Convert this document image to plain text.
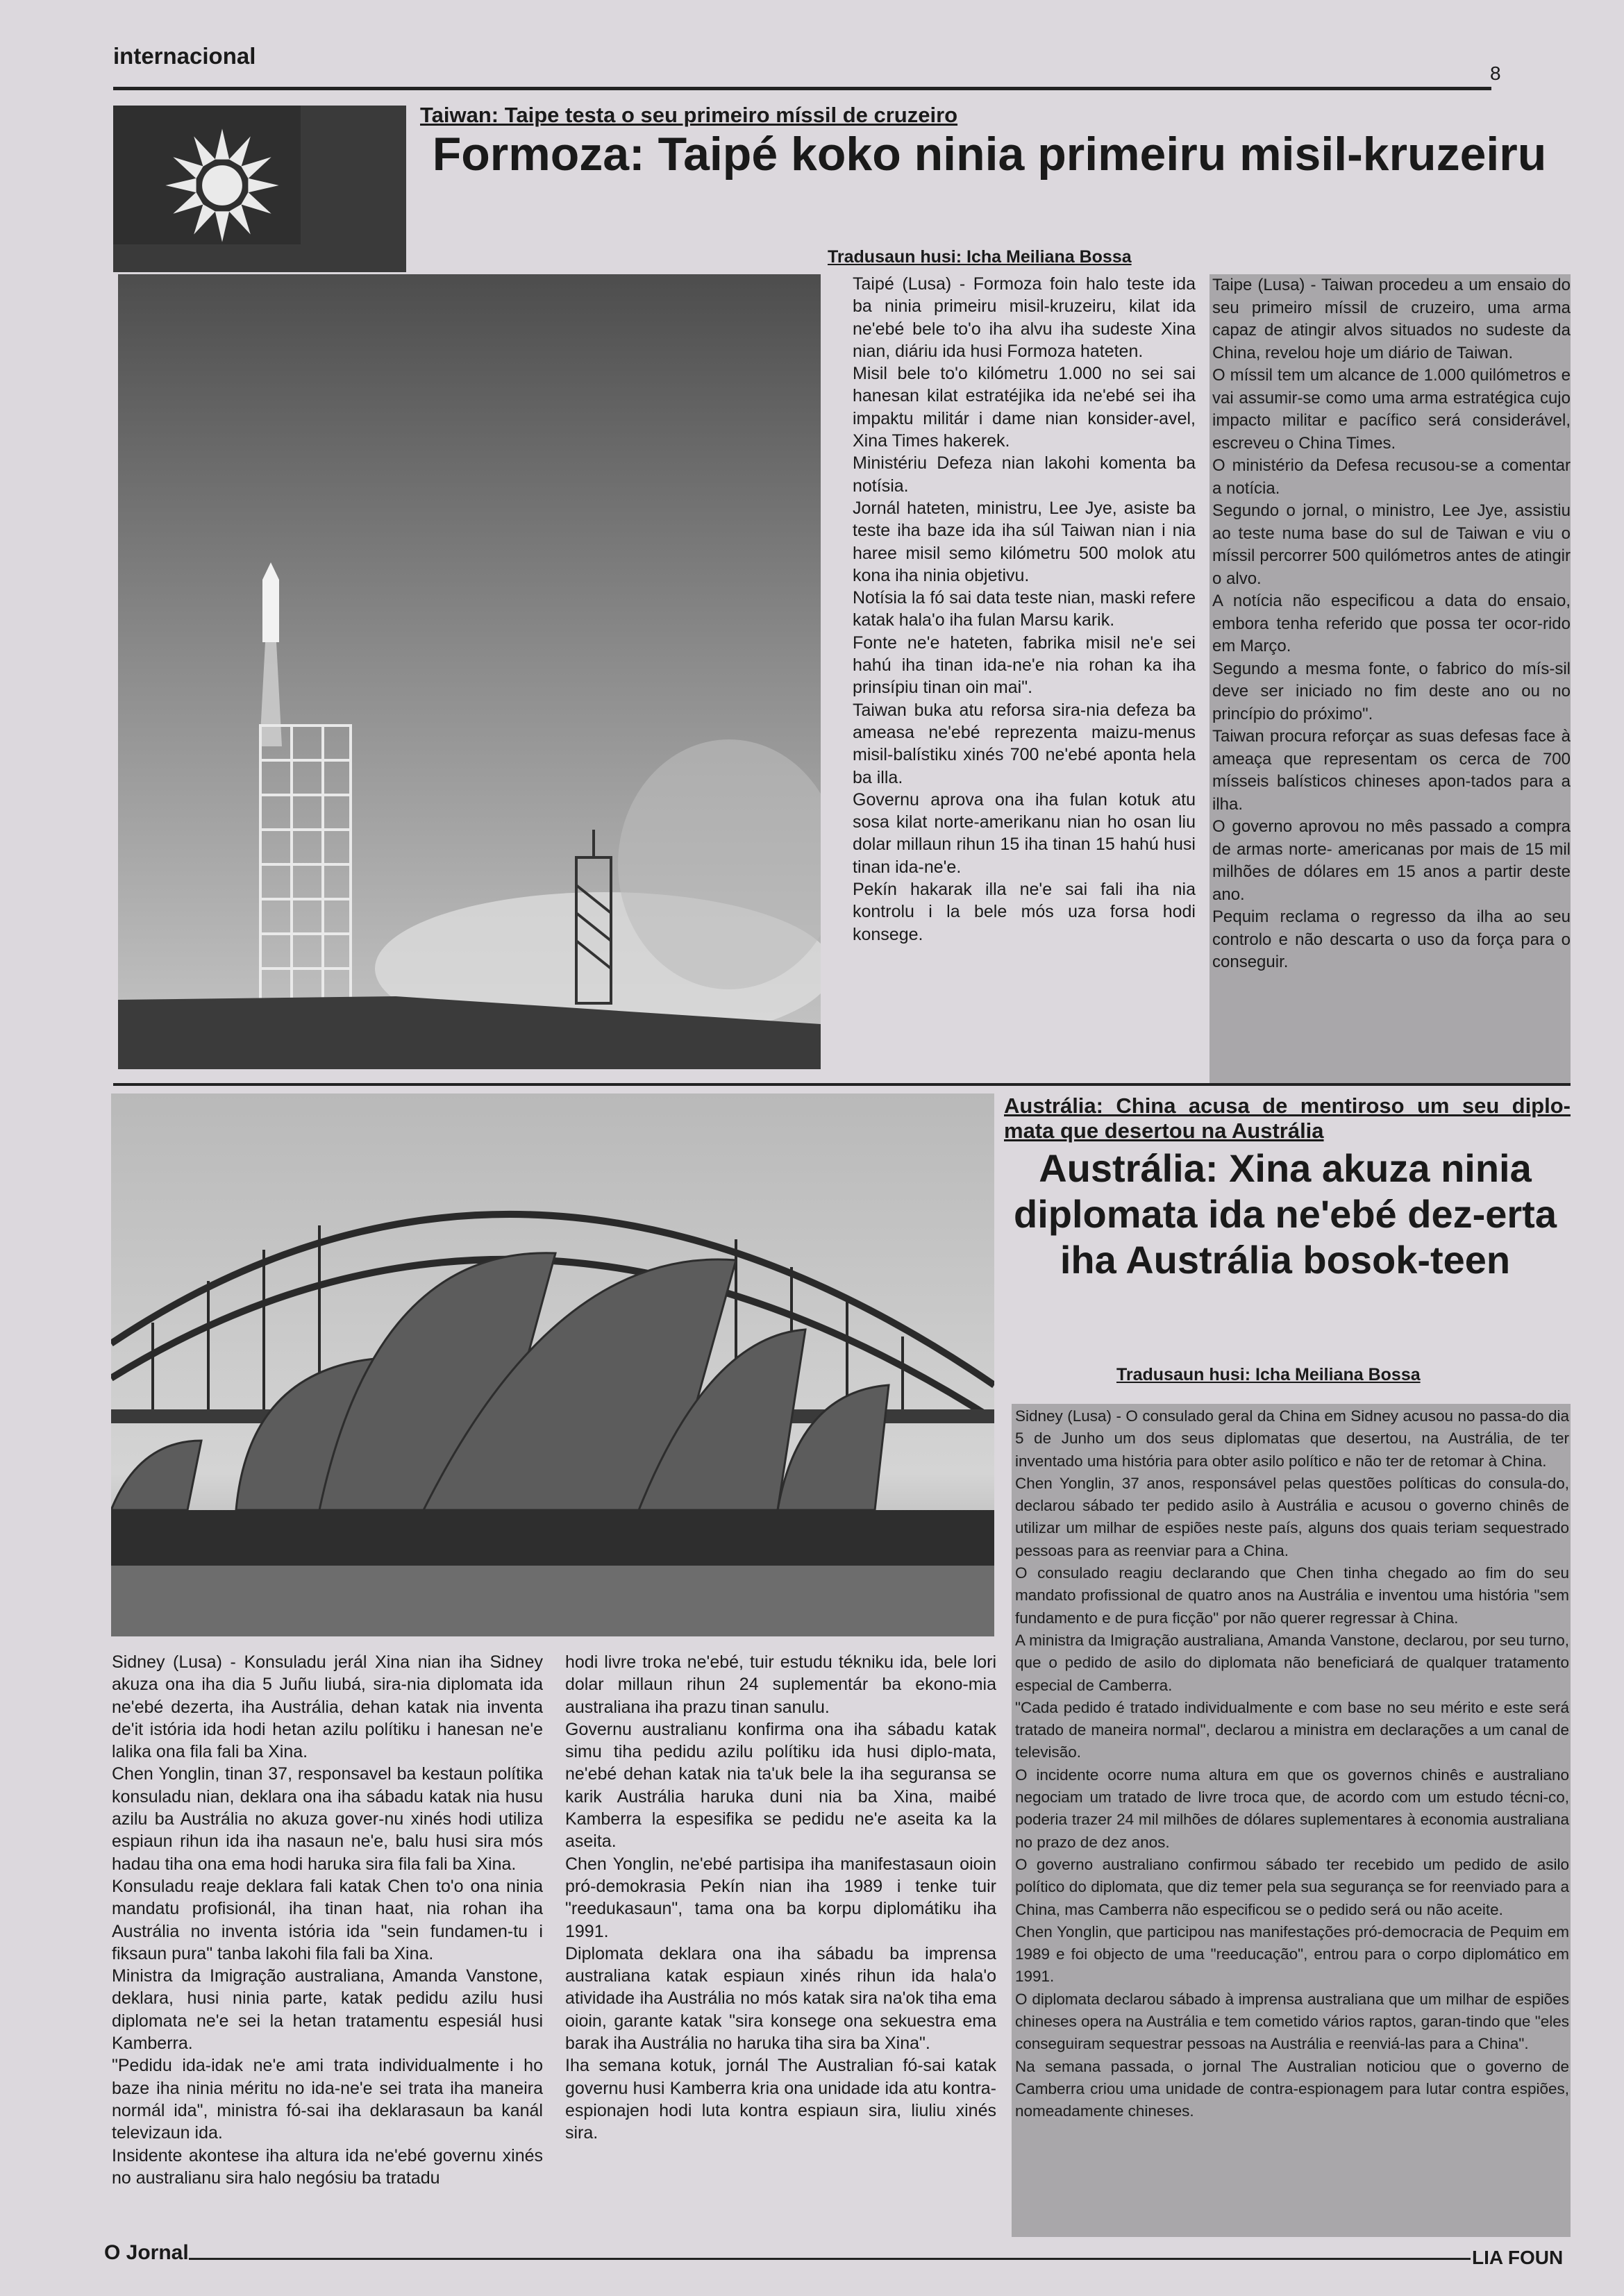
internacional
8
Taiwan: Taipe testa o seu primeiro míssil de cruzeiro
Formoza: Taipé koko ninia primeiru misil-kruzeiru
Tradusaun husi: Icha Meiliana Bossa
Taipé (Lusa) - Formoza foin halo teste ida ba ninia primeiru misil-kruzeiru, kilat ida ne'ebé bele to'o iha alvu iha sudeste Xina nian, diáriu ida husi Formoza hateten.
Misil bele to'o kilómetru 1.000 no sei sai hanesan kilat estratéjika ida ne'ebé sei iha impaktu militár i dame nian konsider-avel, Xina Times hakerek.
Ministériu Defeza nian lakohi komenta ba notísia.
Jornál hateten, ministru, Lee Jye, asiste ba teste iha baze ida iha súl Taiwan nian i nia haree misil semo kilómetru 500 molok atu kona iha ninia objetivu.
Notísia la fó sai data teste nian, maski refere katak hala'o iha fulan Marsu karik.
Fonte ne'e hateten, fabrika misil ne'e sei hahú iha tinan ida-ne'e nia rohan ka iha prinsípiu tinan oin mai".
Taiwan buka atu reforsa sira-nia defeza ba ameasa ne'ebé reprezenta maizu-menus misil-balístiku xinés 700 ne'ebé aponta hela ba illa.
Governu aprova ona iha fulan kotuk atu sosa kilat norte-amerikanu nian ho osan liu dolar millaun rihun 15 iha tinan 15 hahú husi tinan ida-ne'e.
Pekín hakarak illa ne'e sai fali iha nia kontrolu i la bele mós uza forsa hodi konsege.
Taipe (Lusa) - Taiwan procedeu a um ensaio do seu primeiro míssil de cruzeiro, uma arma capaz de atingir alvos situados no sudeste da China, revelou hoje um diário de Taiwan.
O míssil tem um alcance de 1.000 quilómetros e vai assumir-se como uma arma estratégica cujo impacto militar e pacífico será considerável, escreveu o China Times.
O ministério da Defesa recusou-se a comentar a notícia.
Segundo o jornal, o ministro, Lee Jye, assistiu ao teste numa base do sul de Taiwan e viu o míssil percorrer 500 quilómetros antes de atingir o alvo.
A notícia não especificou a data do ensaio, embora tenha referido que possa ter ocor-rido em Março.
Segundo a mesma fonte, o fabrico do mís-sil deve ser iniciado no fim deste ano ou no princípio do próximo".
Taiwan procura reforçar as suas defesas face à ameaça que representam os cerca de 700 mísseis balísticos chineses apon-tados para a ilha.
O governo aprovou no mês passado a compra de armas norte- americanas por mais de 15 mil milhões de dólares em 15 anos a partir deste ano.
Pequim reclama o regresso da ilha ao seu controlo e não descarta o uso da força para o conseguir.
Austrália: China acusa de mentiroso um seu diplo-mata que desertou na Austrália
Austrália: Xina akuza ninia diplomata ida ne'ebé dez-erta iha Austrália bosok-teen
Tradusaun husi: Icha Meiliana Bossa
Sidney (Lusa) - Konsuladu jerál Xina nian iha Sidney akuza ona iha dia 5 Juñu liubá, sira-nia diplomata ida ne'ebé dezerta, iha Austrália, dehan katak nia inventa de'it istória ida hodi hetan azilu polítiku i hanesan ne'e lalika ona fila fali ba Xina.
Chen Yonglin, tinan 37, responsavel ba kestaun polítika konsuladu nian, deklara ona iha sábadu katak nia husu azilu ba Austrália no akuza gover-nu xinés hodi utiliza espiaun rihun ida iha nasaun ne'e, balu husi sira mós hadau tiha ona ema hodi haruka sira fila fali ba Xina.
Konsuladu reaje deklara fali katak Chen to'o ona ninia mandatu profisionál, iha tinan haat, nia rohan iha Austrália no inventa istória ida "sein fundamen-tu i fiksaun pura" tanba lakohi fila fali ba Xina.
Ministra da Imigração australiana, Amanda Vanstone, deklara, husi ninia parte, katak pedidu azilu husi diplomata ne'e sei la hetan tratamentu espesiál husi Kamberra.
"Pedidu ida-idak ne'e ami trata individualmente i ho baze iha ninia méritu no ida-ne'e sei trata iha maneira normál ida", ministra fó-sai iha deklarasaun ba kanál televizaun ida.
Insidente akontese iha altura ida ne'ebé governu xinés no australianu sira halo negósiu ba tratadu
hodi livre troka ne'ebé, tuir estudu tékniku ida, bele lori dolar millaun rihun 24 suplementár ba ekono-mia australiana iha prazu tinan sanulu.
Governu australianu konfirma ona iha sábadu katak simu tiha pedidu azilu polítiku ida husi diplo-mata, ne'ebé dehan katak nia ta'uk bele la iha seguransa se karik Austrália haruka duni nia ba Xina, maibé Kamberra la espesifika se pedidu ne'e aseita ka la aseita.
Chen Yonglin, ne'ebé partisipa iha manifestasaun oioin pró-demokrasia Pekín nian iha 1989 i tenke tuir "reedukasaun", tama ona ba korpu diplomátiku iha 1991.
Diplomata deklara ona iha sábadu ba imprensa australiana katak espiaun xinés rihun ida hala'o atividade iha Austrália no mós katak sira na'ok tiha ema oioin, garante katak "sira konsege ona sekuestra ema barak iha Austrália no haruka tiha sira ba Xina".
Iha semana kotuk, jornál The Australian fó-sai katak governu husi Kamberra kria ona unidade ida atu kontra-espionajen hodi luta kontra espiaun sira, liuliu xinés sira.
Sidney (Lusa) - O consulado geral da China em Sidney acusou no passa-do dia 5 de Junho um dos seus diplomatas que desertou, na Austrália, de ter inventado uma história para obter asilo político e não ter de retomar à China.
Chen Yonglin, 37 anos, responsável pelas questões políticas do consula-do, declarou sábado ter pedido asilo à Austrália e acusou o governo chinês de utilizar um milhar de espiões neste país, alguns dos quais teriam sequestrado pessoas para as reenviar para a China.
O consulado reagiu declarando que Chen tinha chegado ao fim do seu mandato profissional de quatro anos na Austrália e inventou uma história "sem fundamento e de pura ficção" por não querer regressar à China.
A ministra da Imigração australiana, Amanda Vanstone, declarou, por seu turno, que o pedido de asilo do diplomata não beneficiará de qualquer tratamento especial de Camberra.
"Cada pedido é tratado individualmente e com base no seu mérito e este será tratado de maneira normal", declarou a ministra em declarações a um canal de televisão.
O incidente ocorre numa altura em que os governos chinês e australiano negociam um tratado de livre troca que, de acordo com um estudo técni-co, poderia trazer 24 mil milhões de dólares suplementares à economia australiana no prazo de dez anos.
O governo australiano confirmou sábado ter recebido um pedido de asilo político do diplomata, que diz temer pela sua segurança se for reenviado para a China, mas Camberra não especificou se o pedido será ou não aceite.
Chen Yonglin, que participou nas manifestações pró-democracia de Pequim em 1989 e foi objecto de uma "reeducação", entrou para o corpo diplomático em 1991.
O diplomata declarou sábado à imprensa australiana que um milhar de espiões chineses opera na Austrália e tem cometido vários raptos, garan-tindo que "eles conseguiram sequestrar pessoas na Austrália e reenviá-las para a China".
Na semana passada, o jornal The Australian noticiou que o governo de Camberra criou uma unidade de contra-espionagem para lutar contra espiões, nomeadamente chineses.
O Jornal	LIA FOUN
